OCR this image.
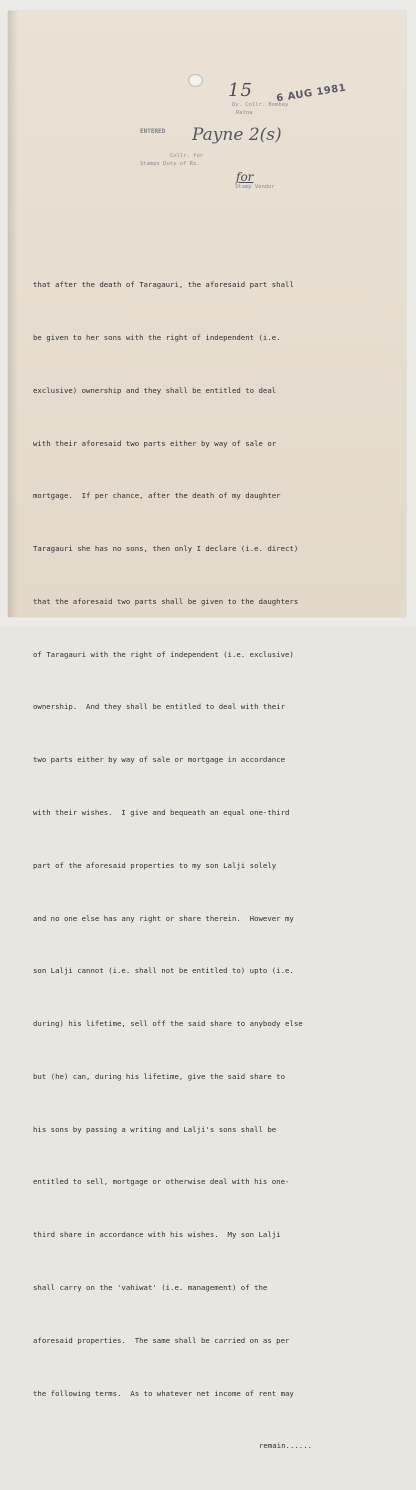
15 6 AUG 1981
Dy. Collr. Bombay
Ratna
ENTERED Payne 2(s)
Collr. for
Stamps Duty of Rs.
for
Stamp Vendor

that after the death of Taragauri, the aforesaid part shall

be given to her sons with the right of independent (i.e.

exclusive) ownership and they shall be entitled to deal

with their aforesaid two parts either by way of sale or

mortgage.  If per chance, after the death of my daughter

Taragauri she has no sons, then only I declare (i.e. direct)

that the aforesaid two parts shall be given to the daughters

of Taragauri with the right of independent (i.e. exclusive)

ownership.  And they shall be entitled to deal with their

two parts either by way of sale or mortgage in accordance

with their wishes.  I give and bequeath an equal one-third

part of the aforesaid properties to my son Lalji solely

and no one else has any right or share therein.  However my

son Lalji cannot (i.e. shall not be entitled to) upto (i.e.

during) his lifetime, sell off the said share to anybody else

but (he) can, during his lifetime, give the said share to

his sons by passing a writing and Lalji's sons shall be

entitled to sell, mortgage or otherwise deal with his one-

third share in accordance with his wishes.  My son Lalji

shall carry on the 'vahiwat' (i.e. management) of the

aforesaid properties.  The same shall be carried on as per

the following terms.  As to whatever net income of rent may

remain......
